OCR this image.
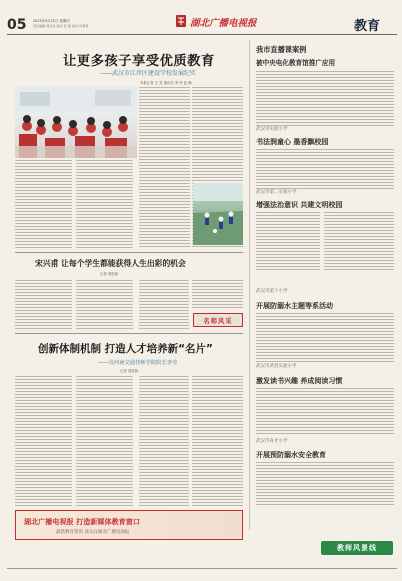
05 2023年9月21日 星期四
责任编辑 周文玲 版式 张 婷 校对 何莉莉	湖北广播电视报	教育
让更多孩子享受优质教育
——武汉市江岸区建设学校发展纪实
本报记者 王 雪 通讯员 李 丹 赵 静
我市直播课案例
被中央电化教育馆推广应用
武汉市实验小学
书法润童心 墨香飘校园
武汉市第二实验小学
增强法治意识 共建文明校园
武汉市第十小学
开展防溺水主题等系活动
武汉市武昌实验小学
激发读书兴趣 养成阅读习惯
武汉市育才小学
开展预防溺水安全教育
教师风景线
宋兴甫 让每个学生都能获得人生出彩的机会
记者 周桂蓉
名师风采
创新体制机制 打造人才培养新“名片”
——访河南交通技师学院院长李莹
记者 周桂蓉
湖北广播电视报 打造新媒体教育窗口
最新教育资讯 请关注湖北广播电视报
